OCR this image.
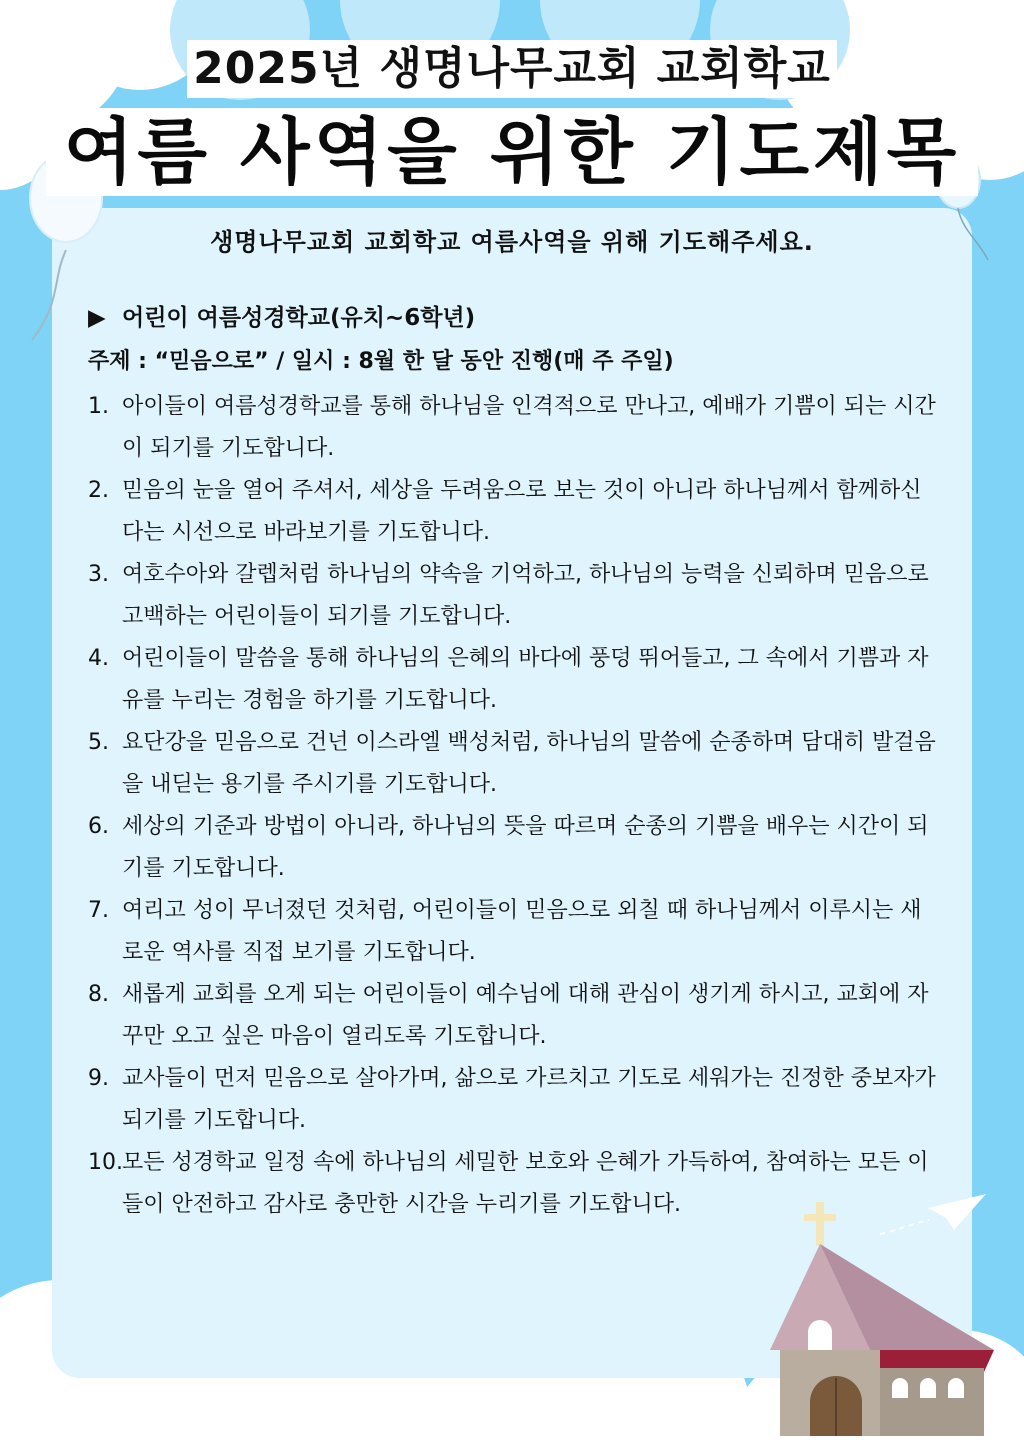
2025년 생명나무교회 교회학교
여름 사역을 위한 기도제목
생명나무교회 교회학교 여름사역을 위해 기도해주세요.
▶ 어린이 여름성경학교(유치~6학년)
주제 : “믿음으로” / 일시 : 8월 한 달 동안 진행(매 주 주일)
1. 아이들이 여름성경학교를 통해 하나님을 인격적으로 만나고, 예배가 기쁨이 되는 시간이 되기를 기도합니다.
2. 믿음의 눈을 열어 주셔서, 세상을 두려움으로 보는 것이 아니라 하나님께서 함께하신다는 시선으로 바라보기를 기도합니다.
3. 여호수아와 갈렙처럼 하나님의 약속을 기억하고, 하나님의 능력을 신뢰하며 믿음으로 고백하는 어린이들이 되기를 기도합니다.
4. 어린이들이 말씀을 통해 하나님의 은혜의 바다에 풍덩 뛰어들고, 그 속에서 기쁨과 자유를 누리는 경험을 하기를 기도합니다.
5. 요단강을 믿음으로 건넌 이스라엘 백성처럼, 하나님의 말씀에 순종하며 담대히 발걸음을 내딛는 용기를 주시기를 기도합니다.
6. 세상의 기준과 방법이 아니라, 하나님의 뜻을 따르며 순종의 기쁨을 배우는 시간이 되기를 기도합니다.
7. 여리고 성이 무너졌던 것처럼, 어린이들이 믿음으로 외칠 때 하나님께서 이루시는 새로운 역사를 직접 보기를 기도합니다.
8. 새롭게 교회를 오게 되는 어린이들이 예수님에 대해 관심이 생기게 하시고, 교회에 자꾸만 오고 싶은 마음이 열리도록 기도합니다.
9. 교사들이 먼저 믿음으로 살아가며, 삶으로 가르치고 기도로 세워가는 진정한 중보자가 되기를 기도합니다.
10. 모든 성경학교 일정 속에 하나님의 세밀한 보호와 은혜가 가득하여, 참여하는 모든 이들이 안전하고 감사로 충만한 시간을 누리기를 기도합니다.
